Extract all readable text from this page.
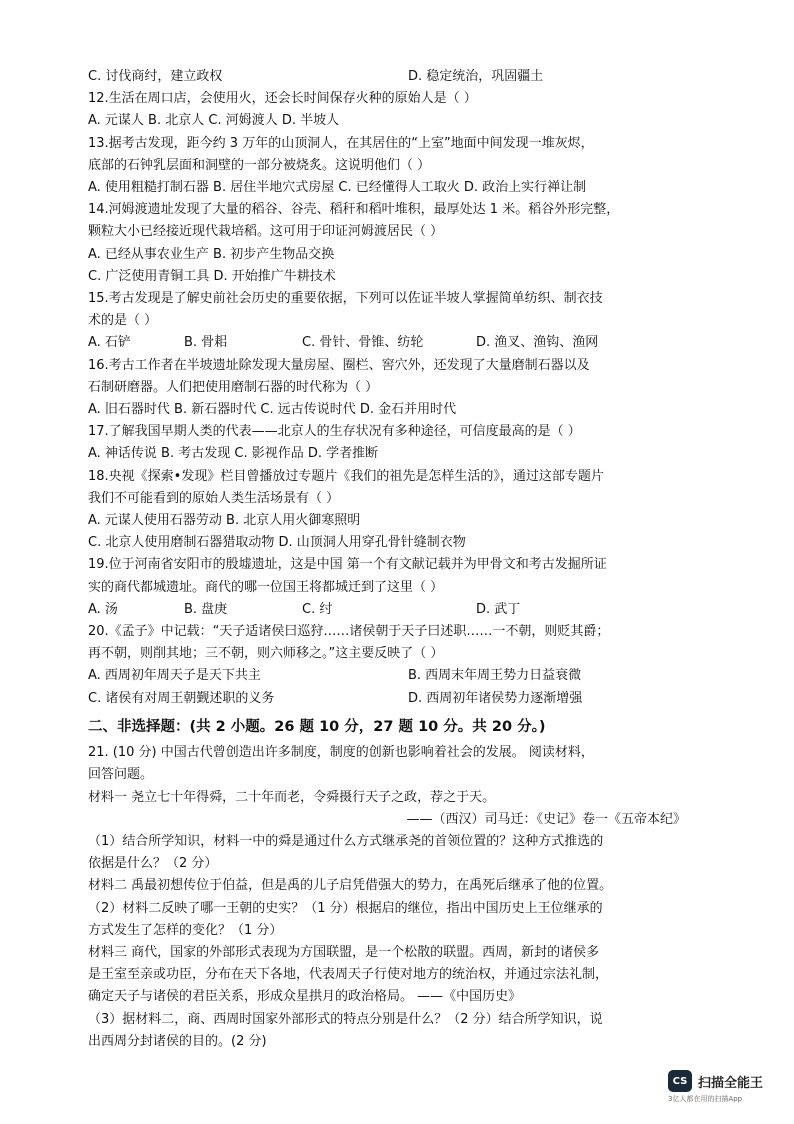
C. 讨伐商纣，建立政权	D. 稳定统治，巩固疆土
12.生活在周口店，会使用火，还会长时间保存火种的原始人是（ ）
A. 元谋人 B. 北京人 C. 河姆渡人 D. 半坡人
13.据考古发现，距今约 3 万年的山顶洞人，在其居住的“上室”地面中间发现一堆灰烬，
底部的石钟乳层面和洞壁的一部分被烧炙。这说明他们（ ）
A. 使用粗糙打制石器 B. 居住半地穴式房屋 C. 已经懂得人工取火 D. 政治上实行禅让制
14.河姆渡遗址发现了大量的稻谷、谷壳、稻秆和稻叶堆积，最厚处达 1 米。稻谷外形完整，
颗粒大小已经接近现代栽培稻。这可用于印证河姆渡居民（ ）
A. 已经从事农业生产 B. 初步产生物品交换
C. 广泛使用青铜工具 D. 开始推广牛耕技术
15.考古发现是了解史前社会历史的重要依据，下列可以佐证半坡人掌握简单纺织、制衣技
术的是（ ）
A. 石铲	B. 骨耜	C. 骨针、骨锥、纺轮	D. 渔叉、渔钩、渔网
16.考古工作者在半坡遗址除发现大量房屋、圈栏、窖穴外，还发现了大量磨制石器以及
石制研磨器。人们把使用磨制石器的时代称为（ ）
A. 旧石器时代 B. 新石器时代 C. 远古传说时代 D. 金石并用时代
17.了解我国早期人类的代表——北京人的生存状况有多种途径，可信度最高的是（ ）
A. 神话传说 B. 考古发现 C. 影视作品 D. 学者推断
18.央视《探索•发现》栏目曾播放过专题片《我们的祖先是怎样生活的》，通过这部专题片
我们不可能看到的原始人类生活场景有（ ）
A. 元谋人使用石器劳动 B. 北京人用火御寒照明
C. 北京人使用磨制石器猎取动物 D. 山顶洞人用穿孔骨针缝制衣物
19.位于河南省安阳市的殷墟遗址，这是中国 第一个有文献记载并为甲骨文和考古发掘所证
实的商代都城遗址。商代的哪一位国王将都城迁到了这里（ ）
A. 汤	B. 盘庚	C. 纣	D. 武丁
20.《孟子》中记载：“天子适诸侯曰巡狩……诸侯朝于天子曰述职……一不朝，则贬其爵；
再不朝，则削其地；三不朝，则六师移之。”这主要反映了（ ）
A. 西周初年周天子是天下共主	B. 西周末年周王势力日益衰微
C. 诸侯有对周王朝觐述职的义务	D. 西周初年诸侯势力逐渐增强
二、非选择题：(共 2 小题。26 题 10 分，27 题 10 分。共 20 分。)
21. (10 分) 中国古代曾创造出许多制度，制度的创新也影响着社会的发展。 阅读材料，
回答问题。
材料一 尧立七十年得舜，二十年而老，令舜摄行天子之政，荐之于天。
——（西汉）司马迁：《史记》卷一《五帝本纪》
（1）结合所学知识，材料一中的舜是通过什么方式继承尧的首领位置的？这种方式推选的
依据是什么？（2 分）
材料二 禹最初想传位于伯益，但是禹的儿子启凭借强大的势力，在禹死后继承了他的位置。
（2）材料二反映了哪一王朝的史实？（1 分）根据启的继位，指出中国历史上王位继承的
方式发生了怎样的变化？（1 分）
材料三 商代，国家的外部形式表现为方国联盟，是一个松散的联盟。西周，新封的诸侯多
是王室至亲或功臣，分布在天下各地，代表周天子行使对地方的统治权，并通过宗法礼制，
确定天子与诸侯的君臣关系，形成众星拱月的政治格局。 ——《中国历史》
（3）据材料二，商、西周时国家外部形式的特点分别是什么？（2 分）结合所学知识，说
出西周分封诸侯的目的。(2 分)
CS 扫描全能王
3亿人都在用的扫描App
